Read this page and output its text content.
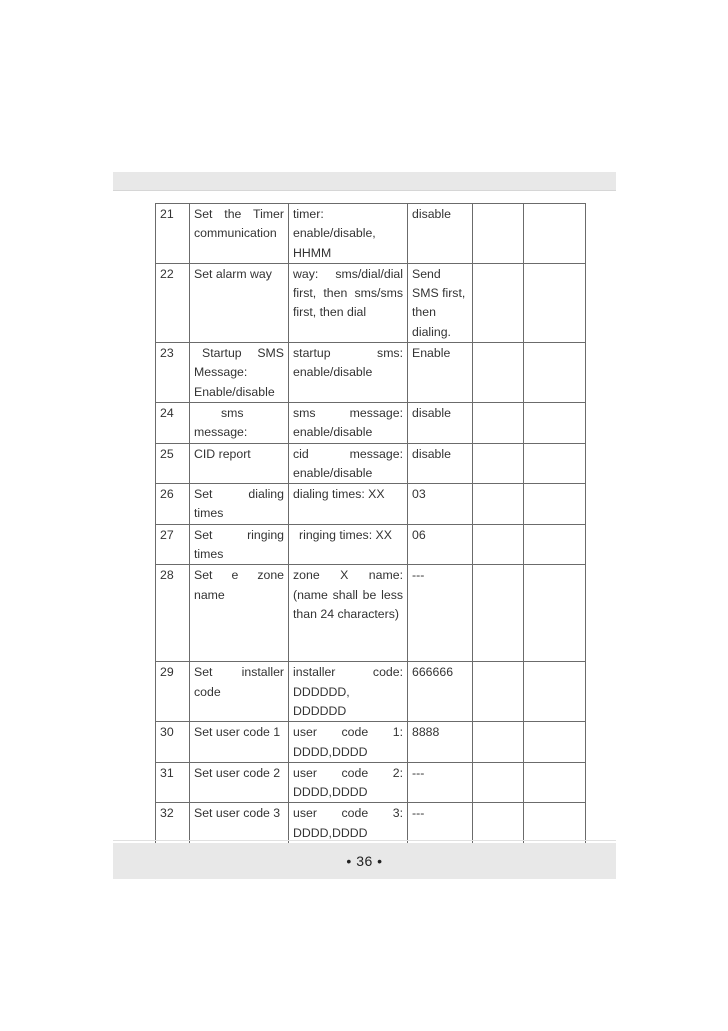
21	Set the Timer communication	timer: enable/disable, HHMM	disable		
22	Set alarm way	way: sms/dial/dial first, then sms/sms first, then dial	Send SMS first, then dialing.		
23	Startup SMS Message: Enable/disable	startup sms: enable/disable	Enable		
24	sms message:	sms message: enable/disable	disable		
25	CID report	cid message: enable/disable	disable		
26	Set dialing times	dialing times: XX	03		
27	Set ringing times	ringing times: XX	06		
28	Set e zone name	zone X name: (name shall be less than 24 characters)	---		
29	Set installer code	installer code: DDDDDD, DDDDDD	666666		
30	Set user code 1	user code 1: DDDD,DDDD	8888		
31	Set user code 2	user code 2: DDDD,DDDD	---		
32	Set user code 3	user code 3: DDDD,DDDD	---		
• 36 •
